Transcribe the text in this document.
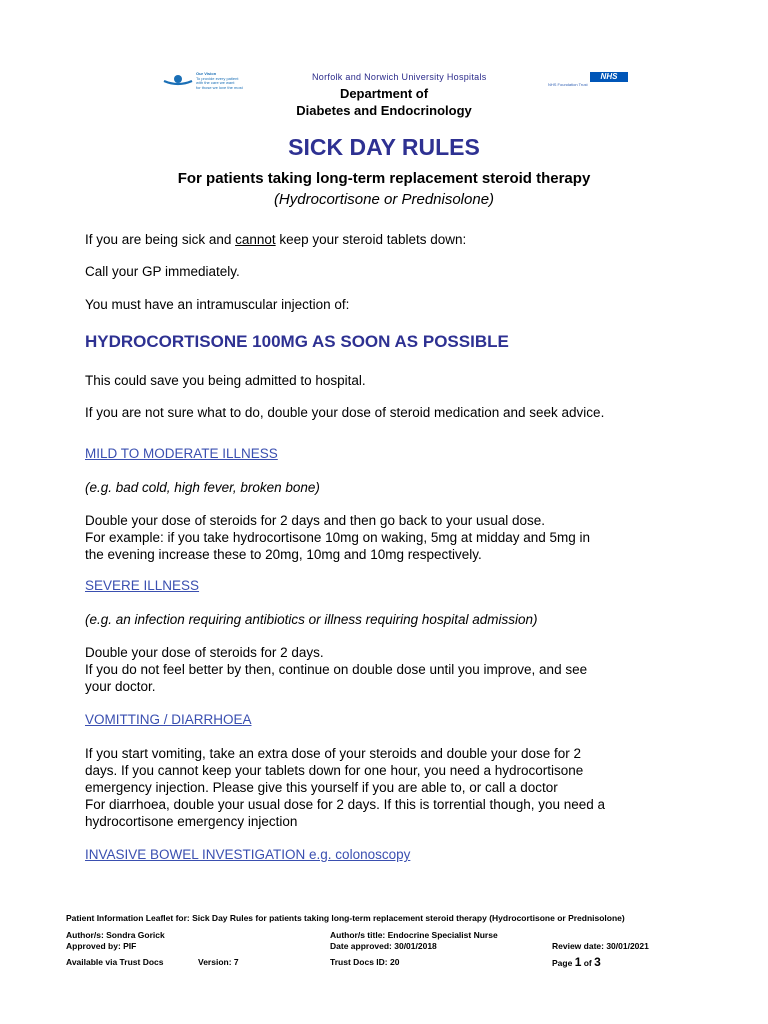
Our Vision
To provide every patient
with the care we want
for those we love the most
Norfolk and Norwich University Hospitals	NHS
NHS Foundation Trust
Department of
Diabetes and Endocrinology
SICK DAY RULES
For patients taking long-term replacement steroid therapy
(Hydrocortisone or Prednisolone)
If you are being sick and cannot keep your steroid tablets down:
Call your GP immediately.
You must have an intramuscular injection of:
HYDROCORTISONE 100MG AS SOON AS POSSIBLE
This could save you being admitted to hospital.
If you are not sure what to do, double your dose of steroid medication and seek advice.
MILD TO MODERATE ILLNESS
(e.g. bad cold, high fever, broken bone)
Double your dose of steroids for 2 days and then go back to your usual dose.
For example: if you take hydrocortisone 10mg on waking, 5mg at midday and 5mg in
the evening increase these to 20mg, 10mg and 10mg respectively.
SEVERE ILLNESS
(e.g. an infection requiring antibiotics or illness requiring hospital admission)
Double your dose of steroids for 2 days.
If you do not feel better by then, continue on double dose until you improve, and see
your doctor.
VOMITTING / DIARRHOEA
If you start vomiting, take an extra dose of your steroids and double your dose for 2
days. If you cannot keep your tablets down for one hour, you need a hydrocortisone
emergency injection. Please give this yourself if you are able to, or call a doctor
For diarrhoea, double your usual dose for 2 days. If this is torrential though, you need a
hydrocortisone emergency injection
INVASIVE BOWEL INVESTIGATION e.g. colonoscopy
Patient Information Leaflet for: Sick Day Rules for patients taking long-term replacement steroid therapy (Hydrocortisone or Prednisolone)
Author/s: Sondra Gorick	Author/s title: Endocrine Specialist Nurse
Approved by: PIF	Date approved: 30/01/2018	Review date: 30/01/2021
Available via Trust Docs	Version: 7	Trust Docs ID: 20	Page 1 of 3
